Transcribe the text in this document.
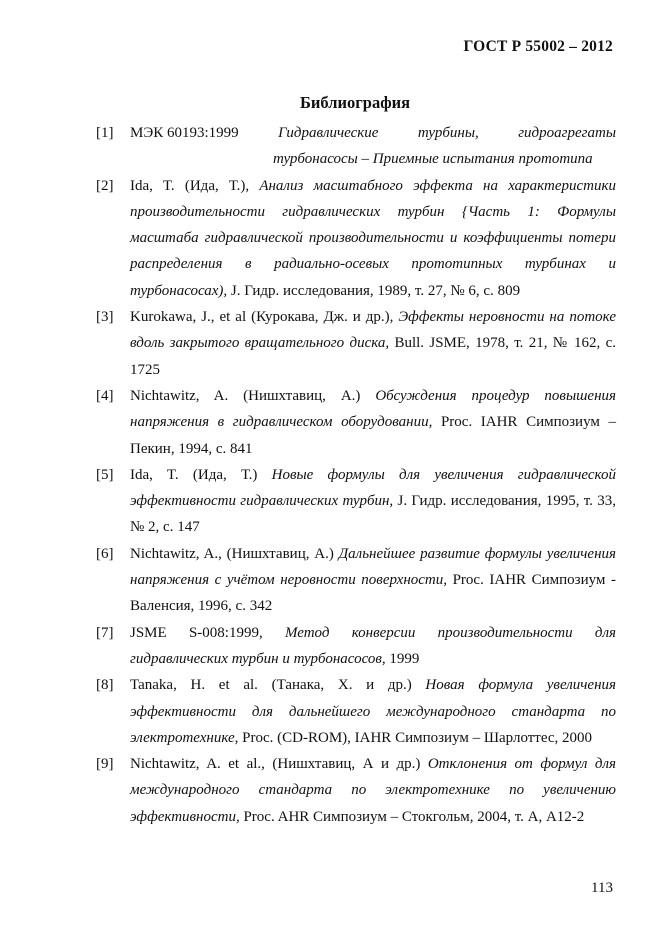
ГОСТ Р 55002 – 2012
Библиография
[1]	МЭК 60193:1999	Гидравлические	турбины,	гидроагрегаты
турбонасосы – Приемные испытания прототипа
[2]	Ida, T. (Ида, Т.), Анализ масштабного эффекта на характеристики производительности гидравлических турбин {Часть 1: Формулы масштаба гидравлической производительности и коэффициенты потери распределения в радиально-осевых прототипных турбинах и турбонасосах), J. Гидр. исследования, 1989, т. 27, № 6, с. 809
[3]	Kurokawa, J., et al (Курокава, Дж. и др.), Эффекты неровности на потоке вдоль закрытого вращательного диска, Bull. JSME, 1978, т. 21, № 162, с. 1725
[4]	Nichtawitz, A. (Нишхтавиц, А.) Обсуждения процедур повышения напряжения в гидравлическом оборудовании, Proc. IAHR Симпозиум – Пекин, 1994, с. 841
[5]	Ida, T. (Ида, Т.) Новые формулы для увеличения гидравлической эффективности гидравлических турбин, J. Гидр. исследования, 1995, т. 33, № 2, с. 147
[6]	Nichtawitz, A., (Нишхтавиц, А.) Дальнейшее развитие формулы увеличения напряжения с учётом неровности поверхности, Proc. IAHR Симпозиум - Валенсия, 1996, с. 342
[7]	JSME S-008:1999, Метод конверсии производительности для гидравлических турбин и турбонасосов, 1999
[8]	Tanaka, H. et al. (Танака, Х. и др.) Новая формула увеличения эффективности для дальнейшего международного стандарта по электротехнике, Proc. (CD-ROM), IAHR Симпозиум – Шарлоттес, 2000
[9]	Nichtawitz, A. et al., (Нишхтавиц, А и др.) Отклонения от формул для международного стандарта по электротехнике по увеличению эффективности, Proc. AHR Симпозиум – Стокгольм, 2004, т. А, А12-2
113
